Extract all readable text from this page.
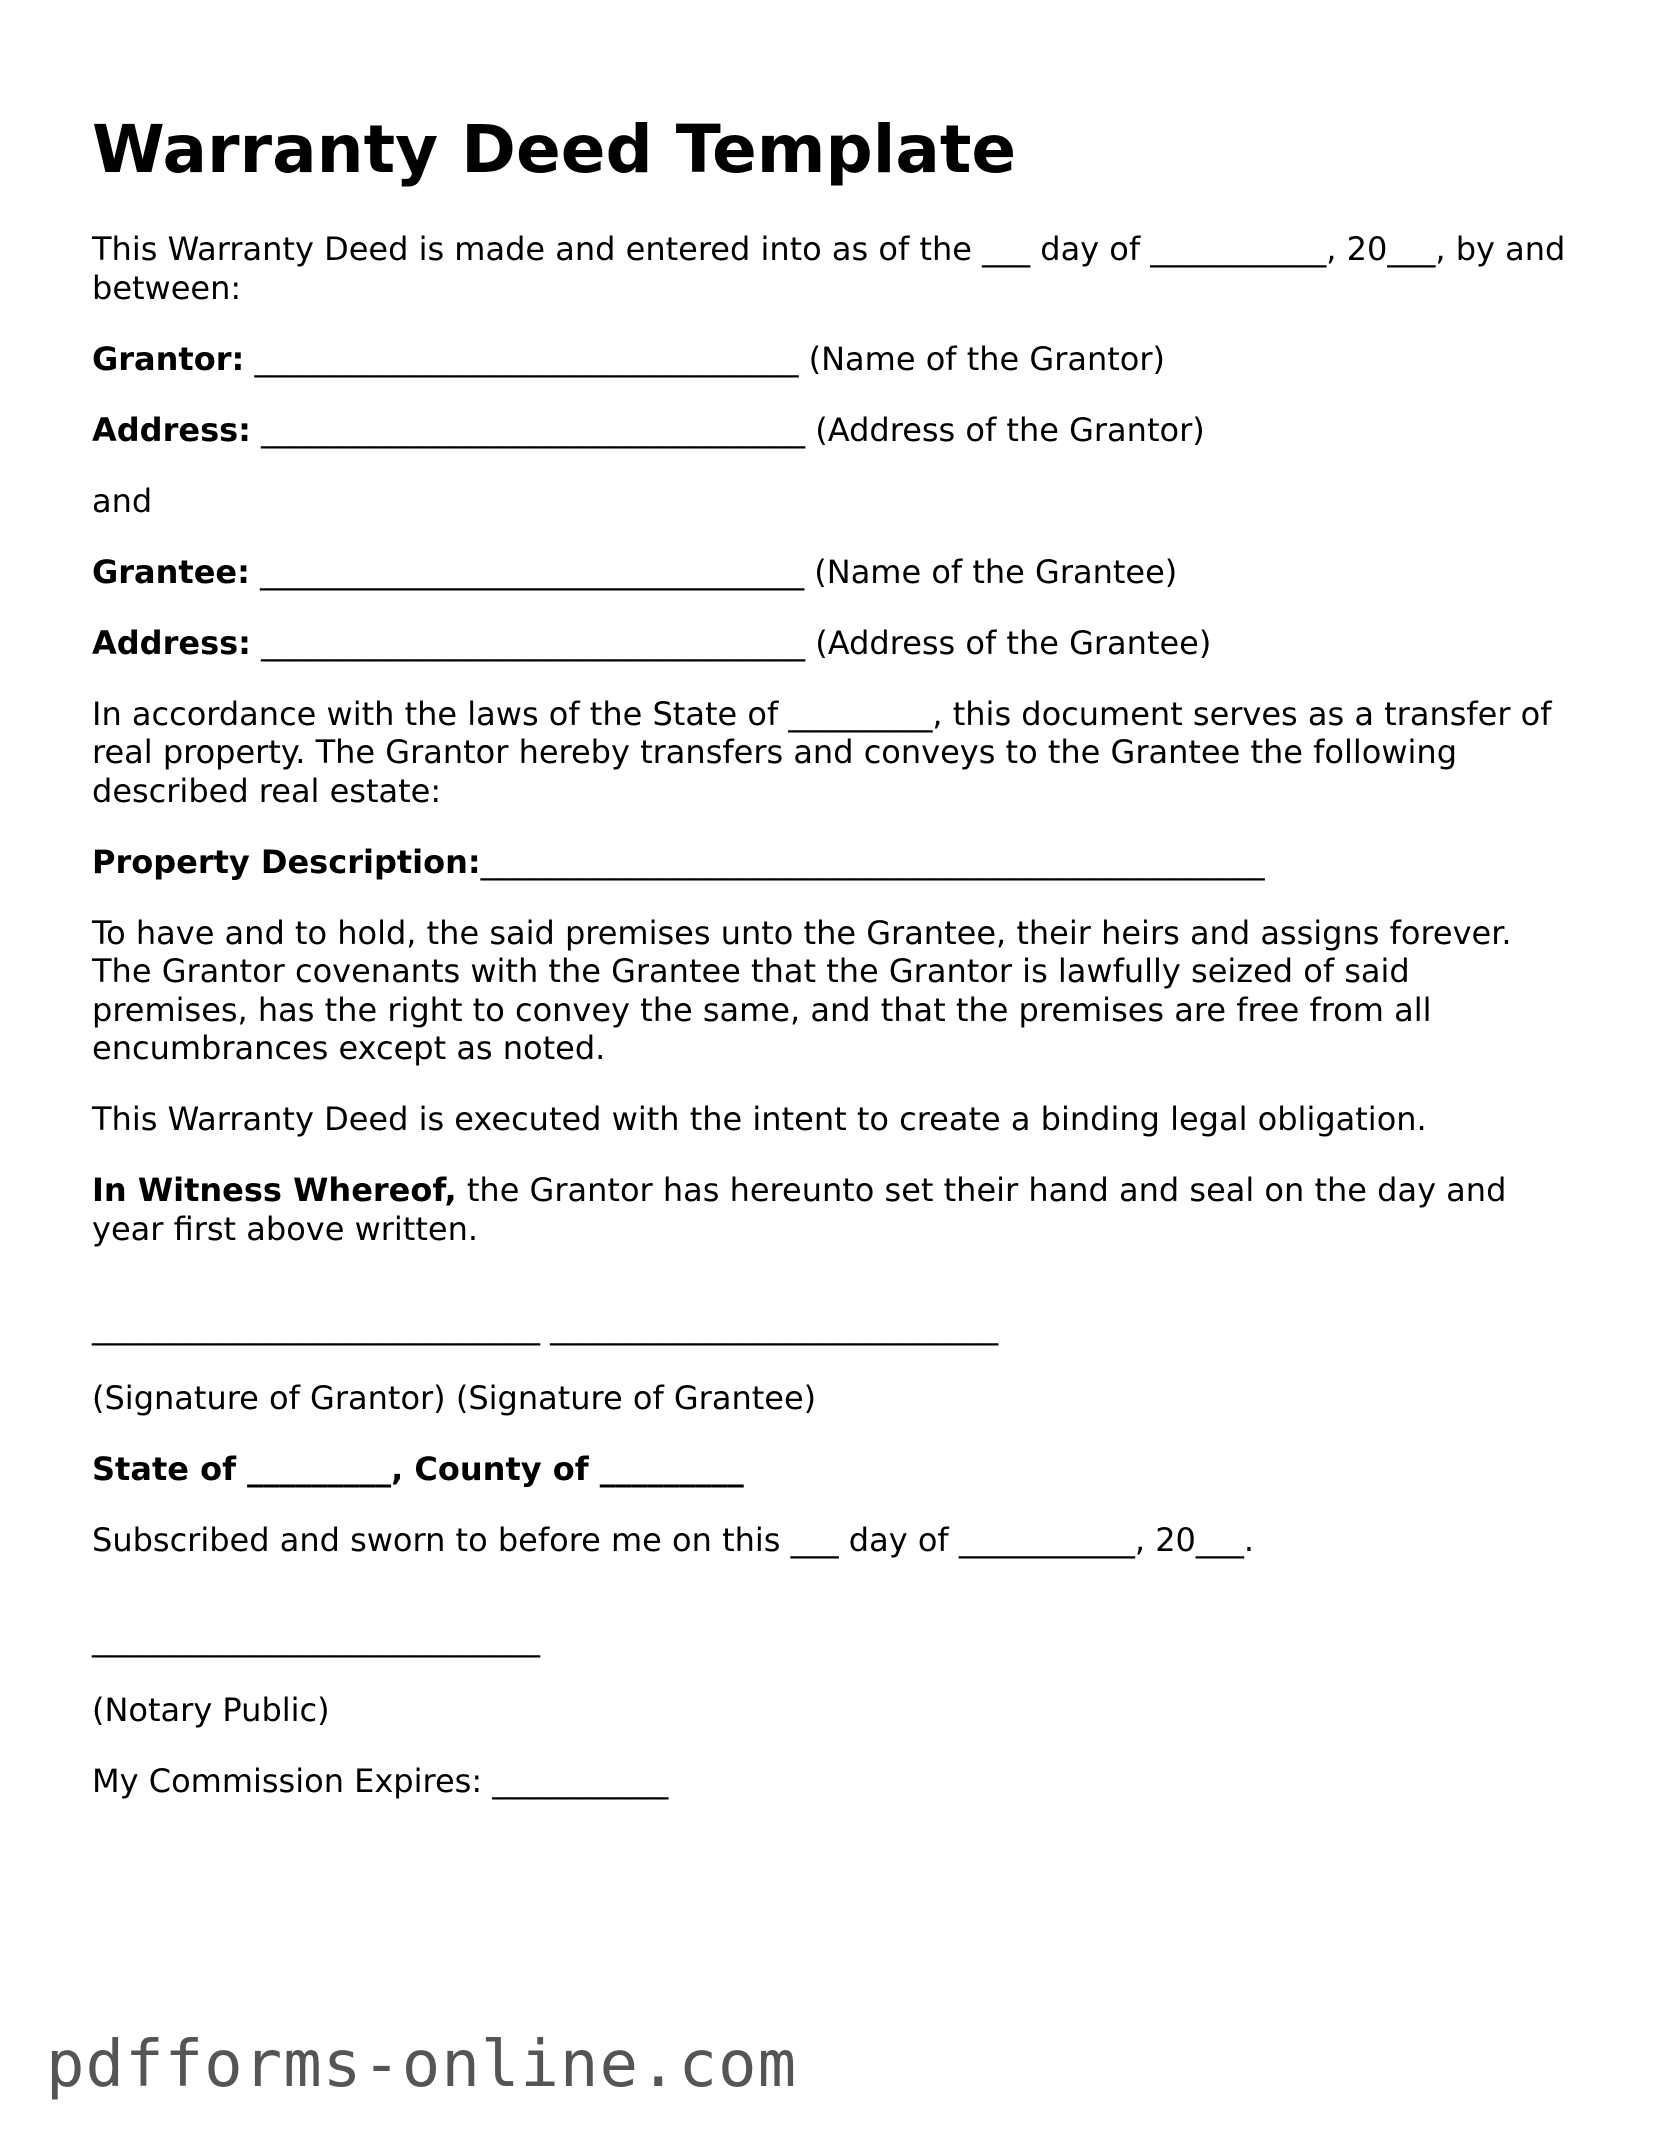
Warranty Deed Template

This Warranty Deed is made and entered into as of the ___ day of ___________, 20___, by and between:

Grantor: __________________________________ (Name of the Grantor)

Address: __________________________________ (Address of the Grantor)

and

Grantee: __________________________________ (Name of the Grantee)

Address: __________________________________ (Address of the Grantee)

In accordance with the laws of the State of _________, this document serves as a transfer of real property. The Grantor hereby transfers and conveys to the Grantee the following described real estate:

Property Description:_________________________________________________

To have and to hold, the said premises unto the Grantee, their heirs and assigns forever. The Grantor covenants with the Grantee that the Grantor is lawfully seized of said premises, has the right to convey the same, and that the premises are free from all encumbrances except as noted.

This Warranty Deed is executed with the intent to create a binding legal obligation.

In Witness Whereof, the Grantor has hereunto set their hand and seal on the day and year first above written.

____________________________ ____________________________

(Signature of Grantor) (Signature of Grantee)

State of _________, County of _________

Subscribed and sworn to before me on this ___ day of ___________, 20___.

____________________________

(Notary Public)

My Commission Expires: ___________

pdfforms-online.com
